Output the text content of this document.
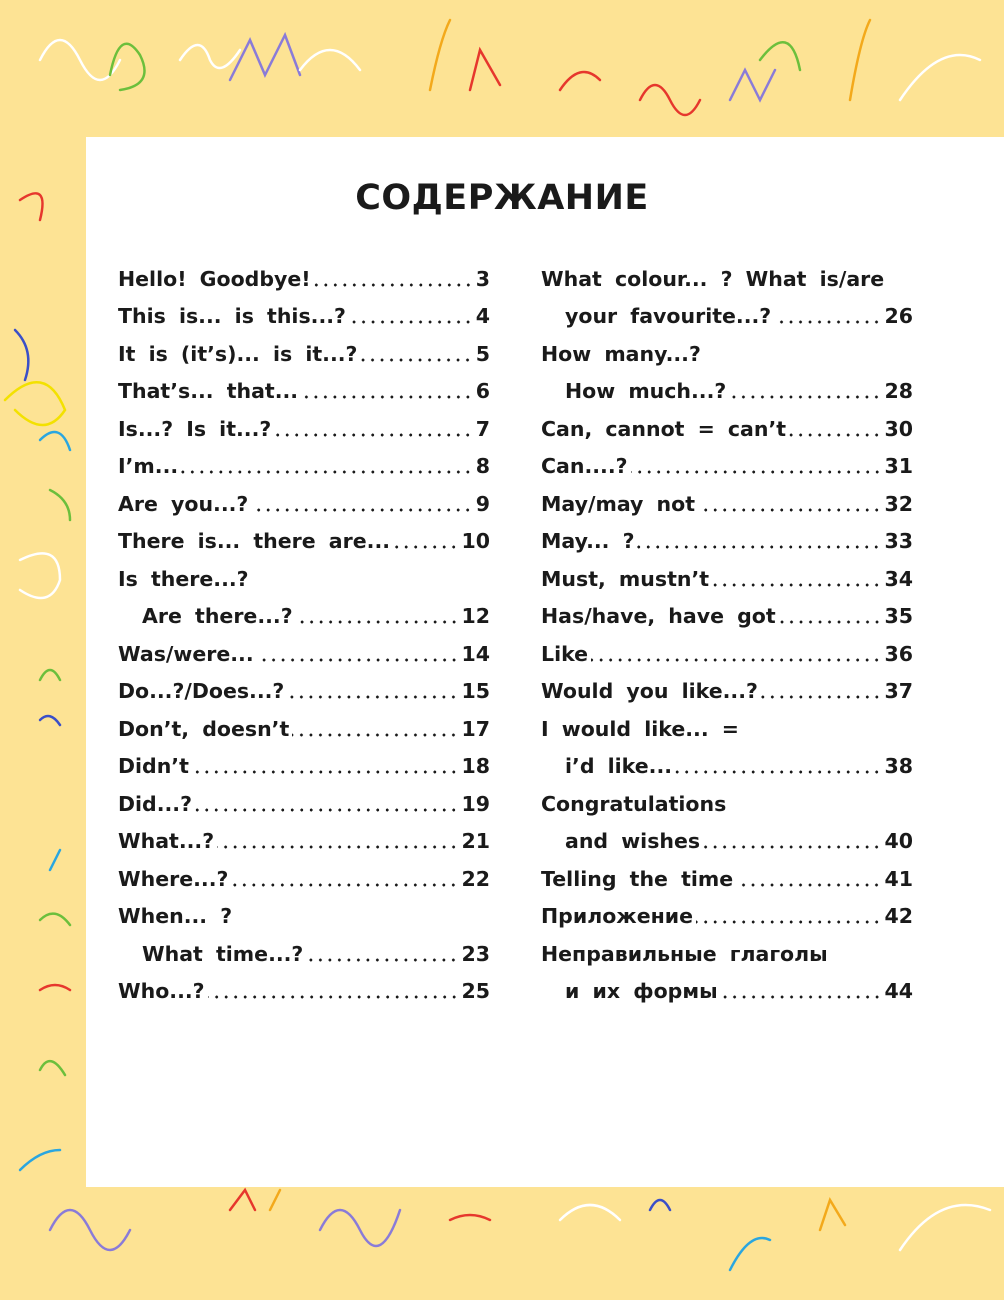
СОДЕРЖАНИЕ
Hello! Goodbye!	3
This is... is this...?	4
It is (it’s)... is it...?	5
That’s... that...	6
Is...? Is it...?	7
I’m...	8
Are you...?	9
There is... there are...	10
Is there...?
Are there...?	12
Was/were...	14
Do...?/Does...?	15
Don’t, doesn’t	17
Didn’t	18
Did...?	19
What...?	21
Where...?	22
When... ?
What time...?	23
Who...?	25
What colour... ? What is/are
your favourite...?	26
How many...?
How much...?	28
Can, cannot = can’t	30
Can....?	31
May/may not	32
May... ?	33
Must, mustn’t	34
Has/have, have got	35
Like	36
Would you like...?	37
I would like... =
i’d like...	38
Congratulations
and wishes	40
Telling the time	41
Приложение	42
Неправильные глаголы
и их формы	44
